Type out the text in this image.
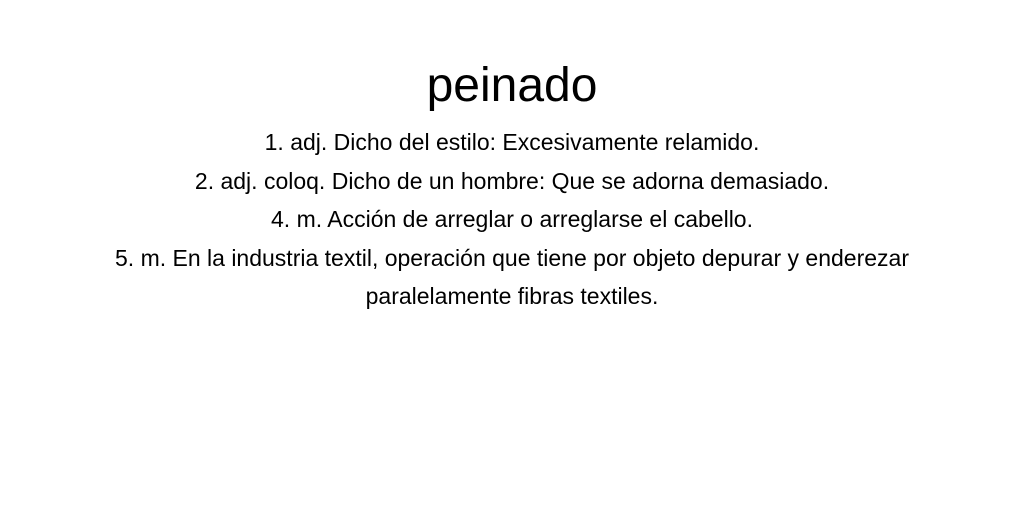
peinado
1. adj. Dicho del estilo: Excesivamente relamido.
2. adj. coloq. Dicho de un hombre: Que se adorna demasiado.
4. m. Acción de arreglar o arreglarse el cabello.
5. m. En la industria textil, operación que tiene por objeto depurar y enderezar paralelamente fibras textiles.
